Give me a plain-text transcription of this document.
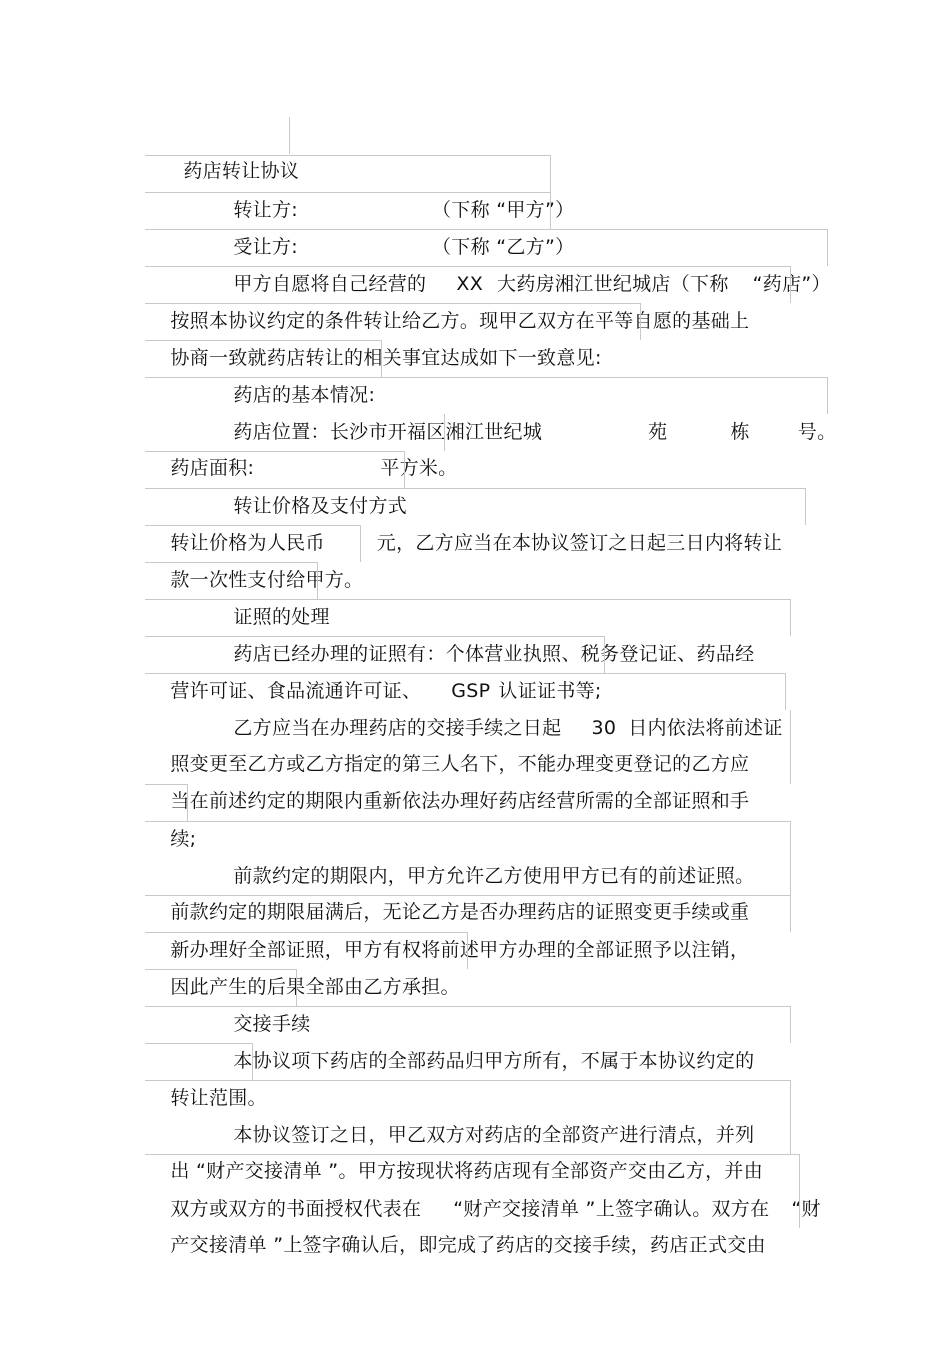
药店转让协议

转让方:	（下称 “甲方”）

受让方:	（下称 “乙方”）

甲方自愿将自己经营的 XX 大药房湘江世纪城店（下称 “药店”）

按照本协议约定的条件转让给乙方。现甲乙双方在平等自愿的基础上

协商一致就药店转让的相关事宜达成如下一致意见:

药店的基本情况:

药店位置：长沙市开福区湘江世纪城	苑	栋	号。

药店面积:	平方米。

转让价格及支付方式

转让价格为人民币	元，乙方应当在本协议签订之日起三日内将转让

款一次性支付给甲方。

证照的处理

药店已经办理的证照有：个体营业执照、税务登记证、药品经

营许可证、食品流通许可证、 GSP 认证证书等;

乙方应当在办理药店的交接手续之日起 30 日内依法将前述证

照变更至乙方或乙方指定的第三人名下，不能办理变更登记的乙方应

当在前述约定的期限内重新依法办理好药店经营所需的全部证照和手

续;

前款约定的期限内，甲方允许乙方使用甲方已有的前述证照。

前款约定的期限届满后，无论乙方是否办理药店的证照变更手续或重

新办理好全部证照，甲方有权将前述甲方办理的全部证照予以注销，

因此产生的后果全部由乙方承担。

交接手续

本协议项下药店的全部药品归甲方所有，不属于本协议约定的

转让范围。

本协议签订之日，甲乙双方对药店的全部资产进行清点，并列

出 “财产交接清单 ”。甲方按现状将药店现有全部资产交由乙方，并由

双方或双方的书面授权代表在 “财产交接清单 ”上签字确认。双方在 “财

产交接清单 ”上签字确认后，即完成了药店的交接手续，药店正式交由
